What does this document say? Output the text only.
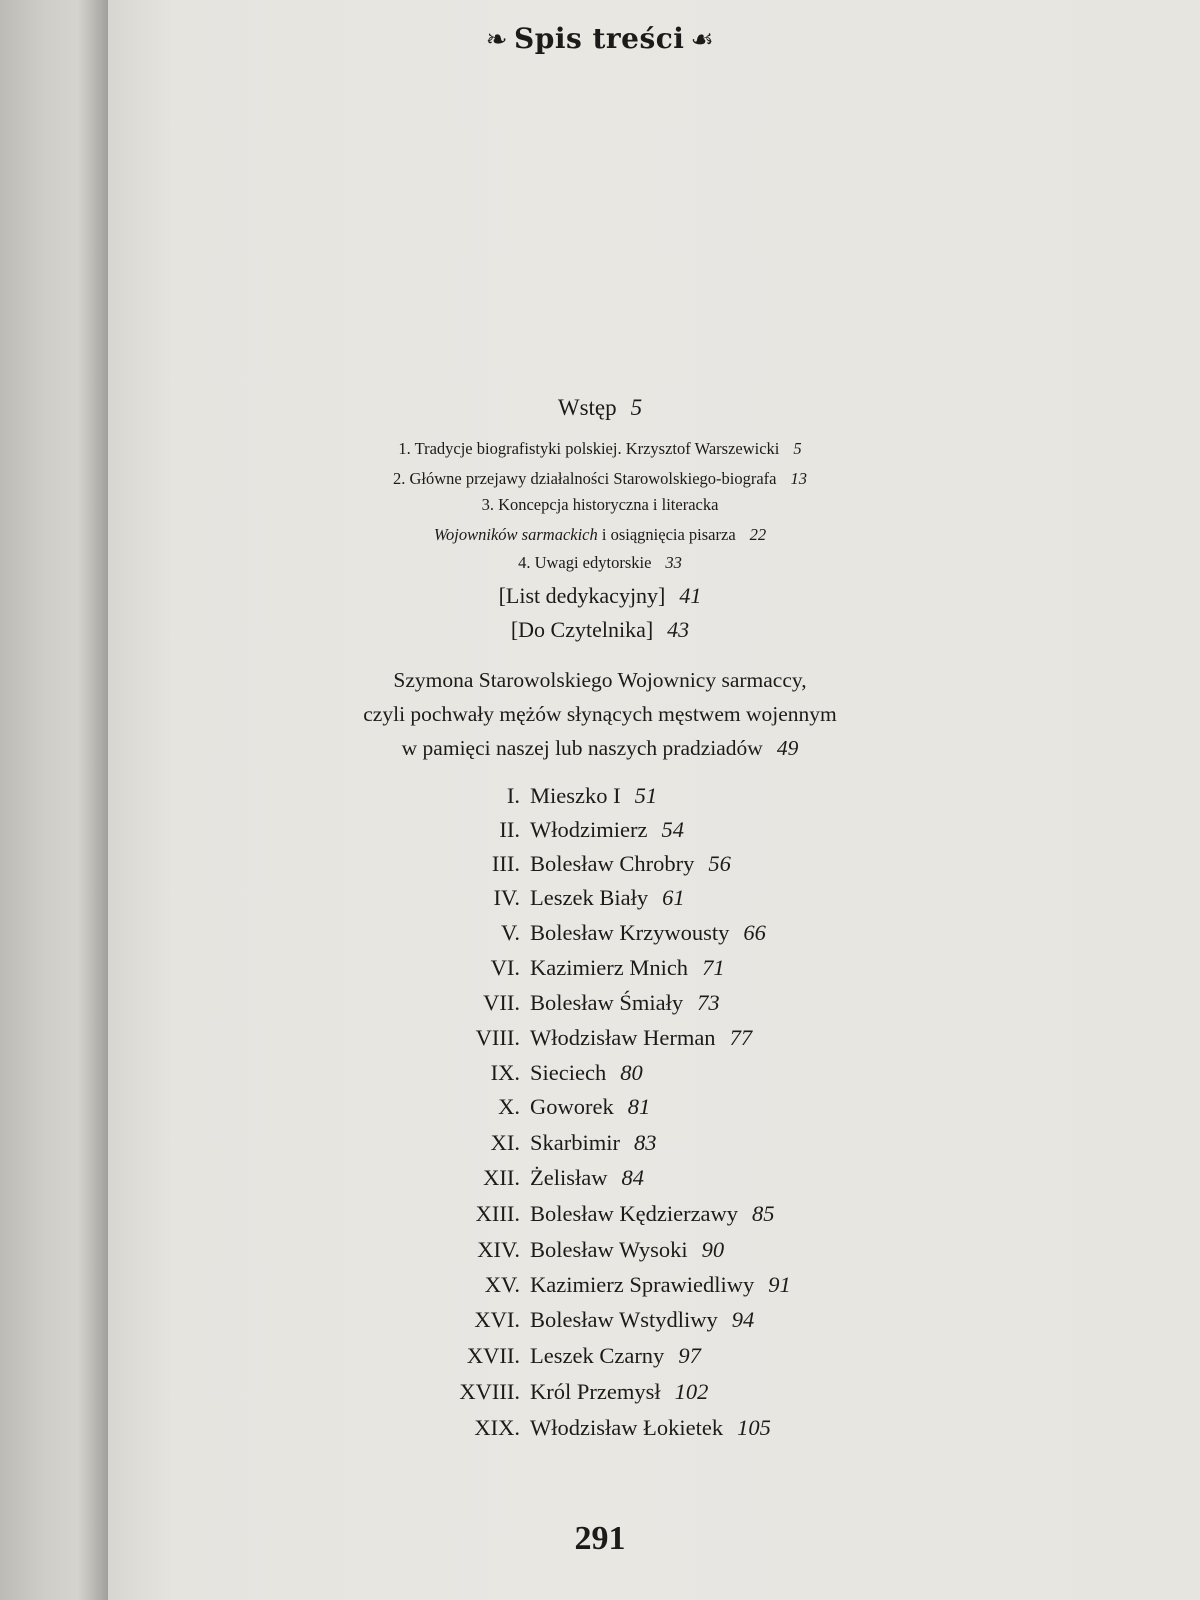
❧ Spis treści ☙
Wstęp 5
1. Tradycje biografistyki polskiej. Krzysztof Warszewicki 5
2. Główne przejawy działalności Starowolskiego-biografa 13
3. Koncepcja historyczna i literacka
Wojowników sarmackich i osiągnięcia pisarza 22
4. Uwagi edytorskie 33
[List dedykacyjny] 41
[Do Czytelnika] 43
Szymona Starowolskiego Wojownicy sarmaccy,
czyli pochwały mężów słynących męstwem wojennym
w pamięci naszej lub naszych pradziadów 49
I. Mieszko I 51
II. Włodzimierz 54
III. Bolesław Chrobry 56
IV. Leszek Biały 61
V. Bolesław Krzywousty 66
VI. Kazimierz Mnich 71
VII. Bolesław Śmiały 73
VIII. Włodzisław Herman 77
IX. Sieciech 80
X. Goworek 81
XI. Skarbimir 83
XII. Żelisław 84
XIII. Bolesław Kędzierzawy 85
XIV. Bolesław Wysoki 90
XV. Kazimierz Sprawiedliwy 91
XVI. Bolesław Wstydliwy 94
XVII. Leszek Czarny 97
XVIII. Król Przemysł 102
XIX. Włodzisław Łokietek 105
291
